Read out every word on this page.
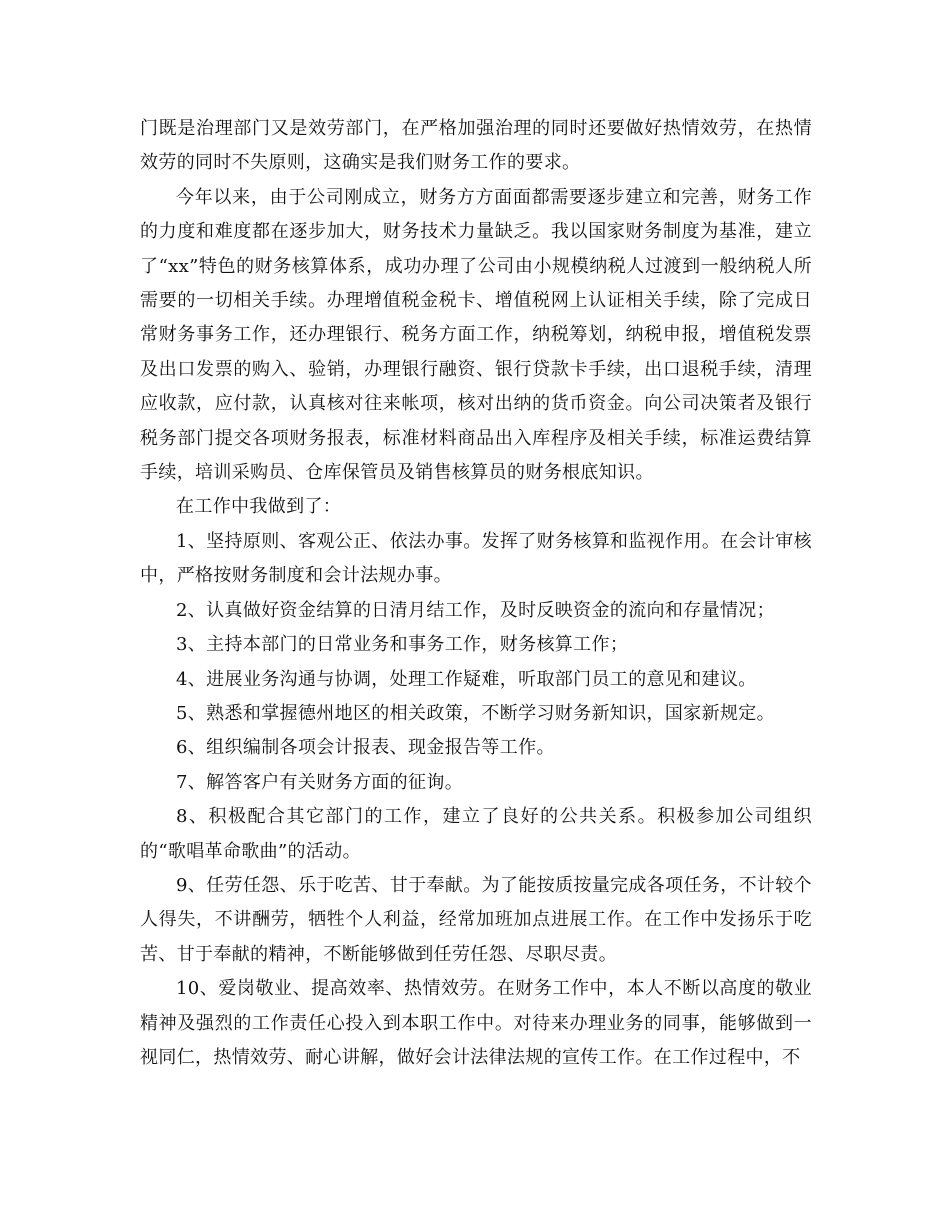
门既是治理部门又是效劳部门，在严格加强治理的同时还要做好热情效劳，在热情效劳的同时不失原则，这确实是我们财务工作的要求。

今年以来，由于公司刚成立，财务方方面面都需要逐步建立和完善，财务工作的力度和难度都在逐步加大，财务技术力量缺乏。我以国家财务制度为基准，建立了“xx”特色的财务核算体系，成功办理了公司由小规模纳税人过渡到一般纳税人所需要的一切相关手续。办理增值税金税卡、增值税网上认证相关手续，除了完成日常财务事务工作，还办理银行、税务方面工作，纳税筹划，纳税申报，增值税发票及出口发票的购入、验销，办理银行融资、银行贷款卡手续，出口退税手续，清理应收款，应付款，认真核对往来帐项，核对出纳的货币资金。向公司决策者及银行税务部门提交各项财务报表，标准材料商品出入库程序及相关手续，标准运费结算手续，培训采购员、仓库保管员及销售核算员的财务根底知识。

在工作中我做到了：

1、坚持原则、客观公正、依法办事。发挥了财务核算和监视作用。在会计审核中，严格按财务制度和会计法规办事。

2、认真做好资金结算的日清月结工作，及时反映资金的流向和存量情况；

3、主持本部门的日常业务和事务工作，财务核算工作；

4、进展业务沟通与协调，处理工作疑难，听取部门员工的意见和建议。

5、熟悉和掌握德州地区的相关政策，不断学习财务新知识，国家新规定。

6、组织编制各项会计报表、现金报告等工作。

7、解答客户有关财务方面的征询。

8、积极配合其它部门的工作，建立了良好的公共关系。积极参加公司组织的“歌唱革命歌曲”的活动。

9、任劳任怨、乐于吃苦、甘于奉献。为了能按质按量完成各项任务，不计较个人得失，不讲酬劳，牺牲个人利益，经常加班加点进展工作。在工作中发扬乐于吃苦、甘于奉献的精神，不断能够做到任劳任怨、尽职尽责。

10、爱岗敬业、提高效率、热情效劳。在财务工作中，本人不断以高度的敬业精神及强烈的工作责任心投入到本职工作中。对待来办理业务的同事，能够做到一视同仁，热情效劳、耐心讲解，做好会计法律法规的宣传工作。在工作过程中，不
